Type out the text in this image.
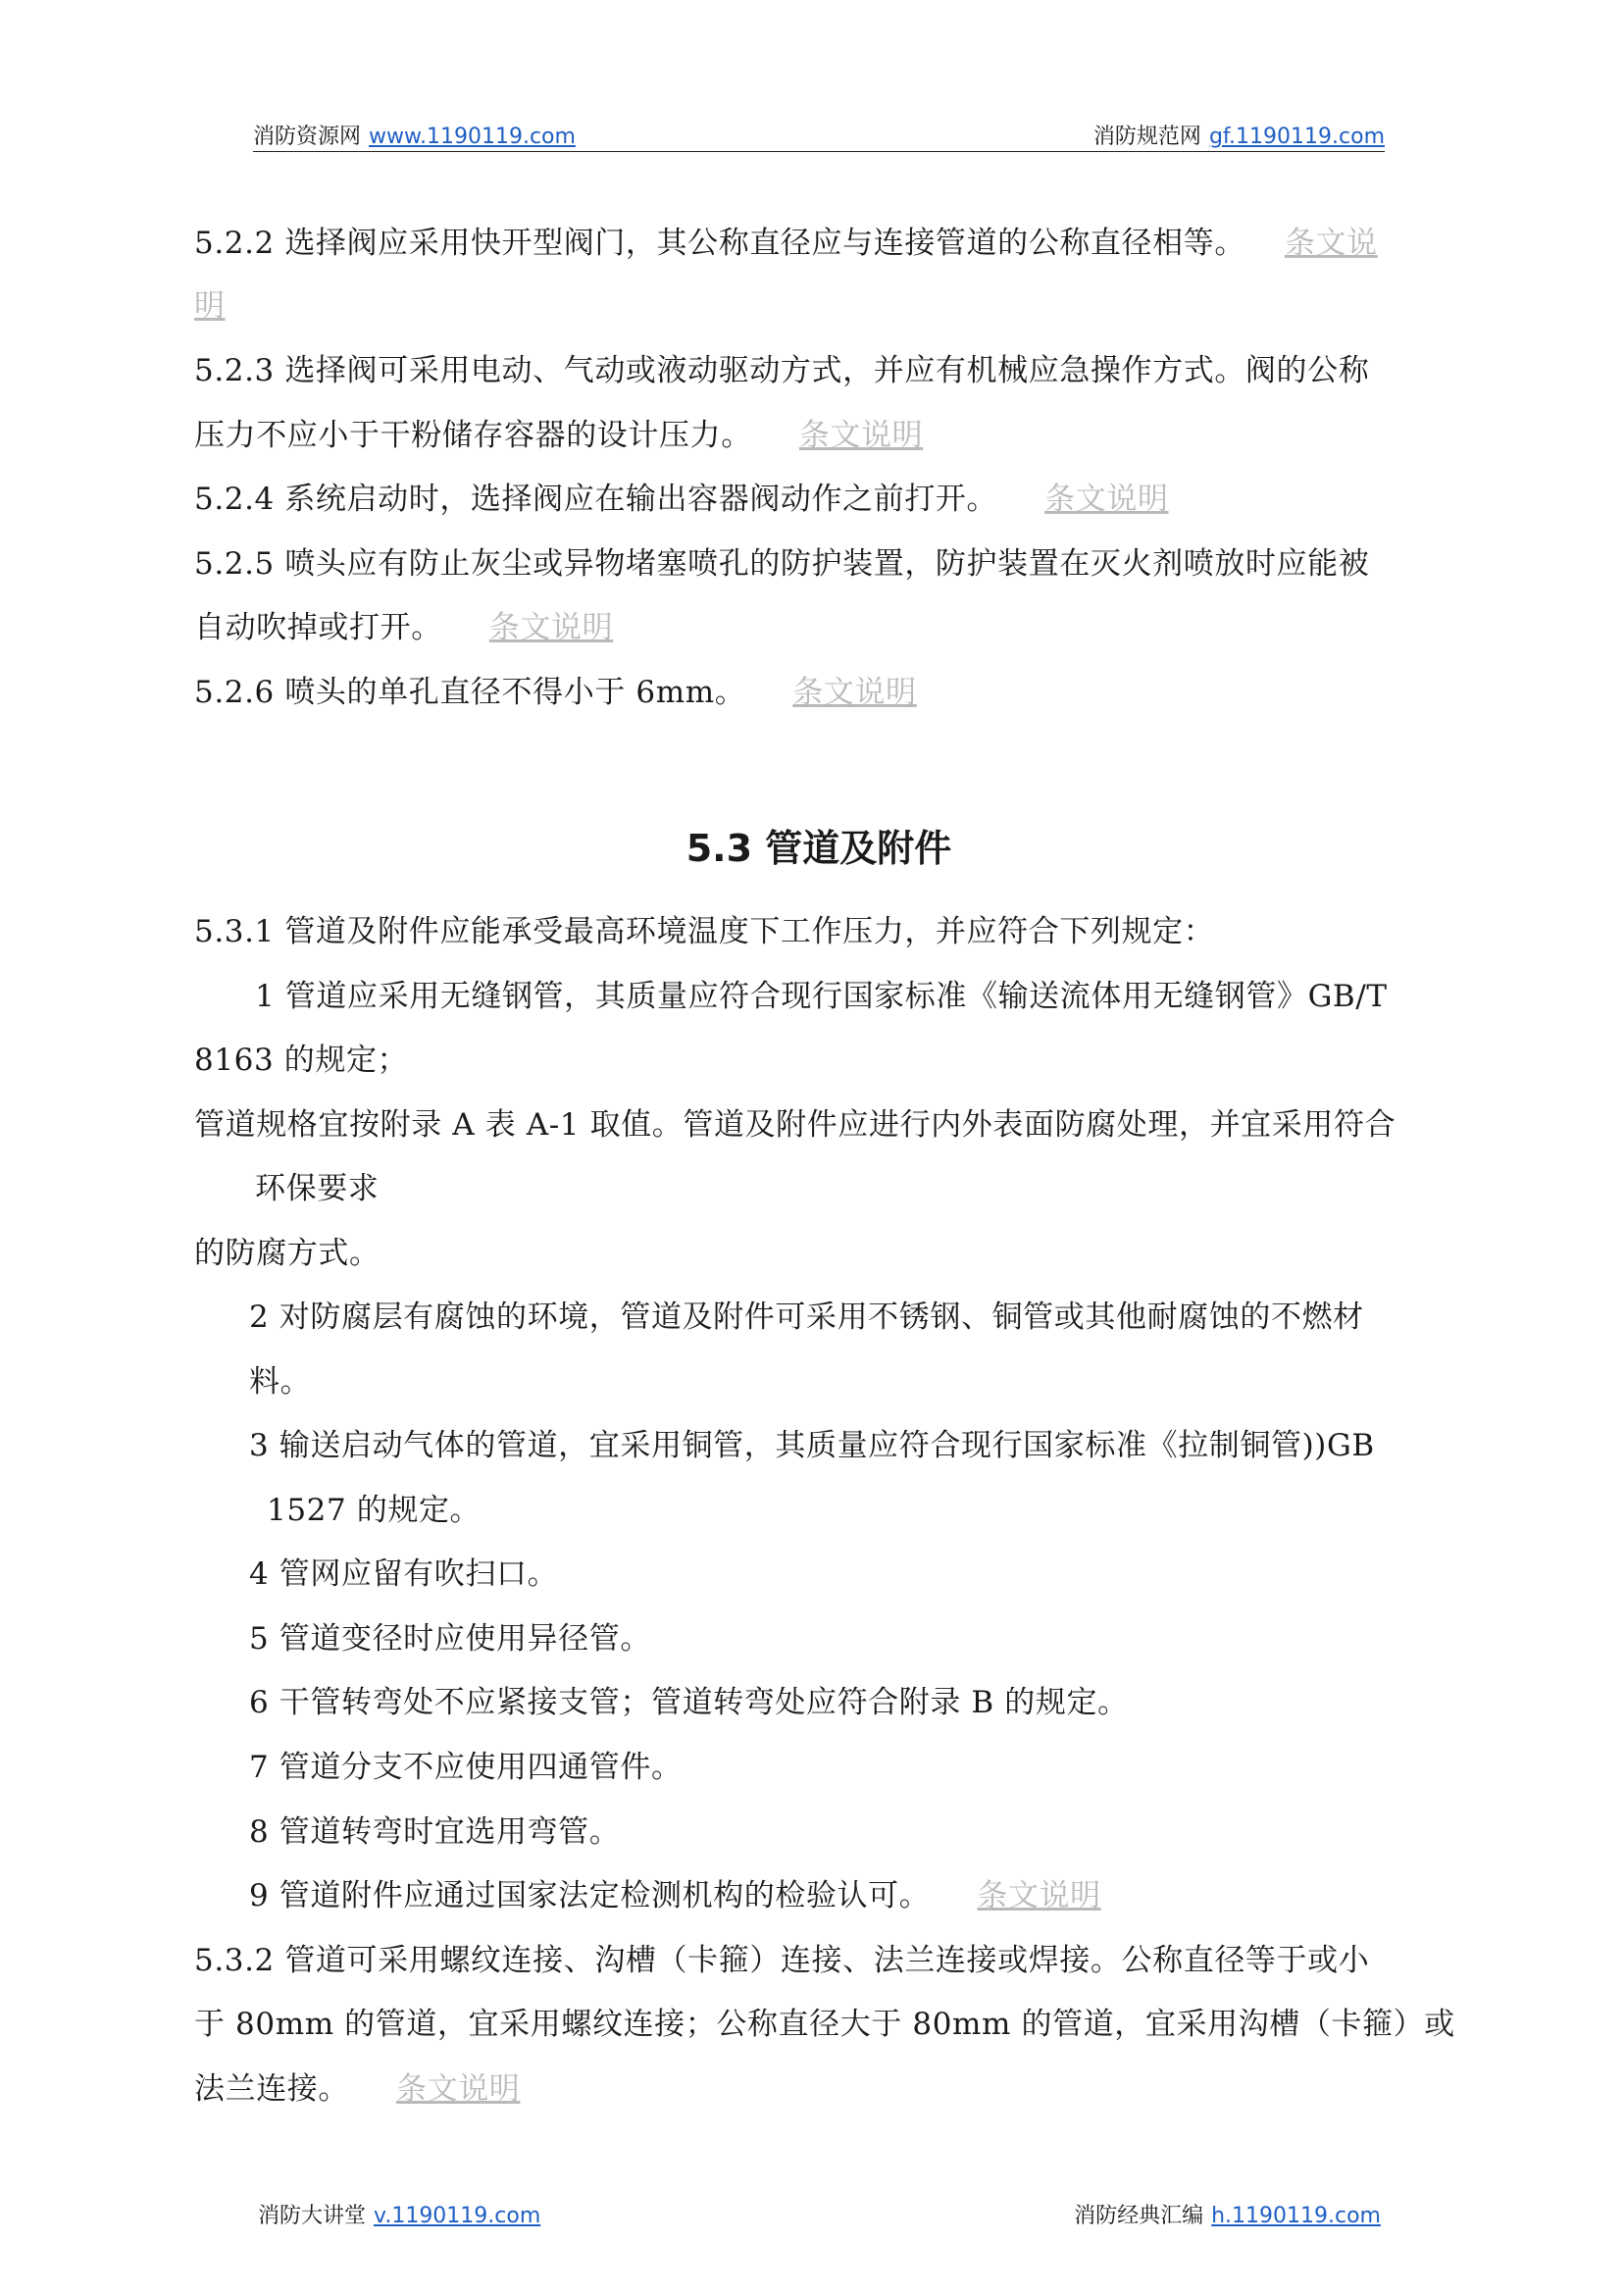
消防资源网 www.1190119.com	消防规范网 gf.1190119.com
5.2.2 选择阀应采用快开型阀门，其公称直径应与连接管道的公称直径相等。 条文说
明
5.2.3 选择阀可采用电动、气动或液动驱动方式，并应有机械应急操作方式。阀的公称
压力不应小于干粉储存容器的设计压力。 条文说明
5.2.4 系统启动时，选择阀应在输出容器阀动作之前打开。 条文说明
5.2.5 喷头应有防止灰尘或异物堵塞喷孔的防护装置，防护装置在灭火剂喷放时应能被
自动吹掉或打开。 条文说明
5.2.6 喷头的单孔直径不得小于 6mm。 条文说明
5.3 管道及附件
5.3.1 管道及附件应能承受最高环境温度下工作压力，并应符合下列规定：
1 管道应采用无缝钢管，其质量应符合现行国家标准《输送流体用无缝钢管》GB/T
8163 的规定；
管道规格宜按附录 A 表 A-1 取值。管道及附件应进行内外表面防腐处理，并宜采用符合
环保要求
的防腐方式。
2 对防腐层有腐蚀的环境，管道及附件可采用不锈钢、铜管或其他耐腐蚀的不燃材
料。
3 输送启动气体的管道，宜采用铜管，其质量应符合现行国家标准《拉制铜管))GB
1527 的规定。
4 管网应留有吹扫口。
5 管道变径时应使用异径管。
6 干管转弯处不应紧接支管；管道转弯处应符合附录 B 的规定。
7 管道分支不应使用四通管件。
8 管道转弯时宜选用弯管。
9 管道附件应通过国家法定检测机构的检验认可。 条文说明
5.3.2 管道可采用螺纹连接、沟槽（卡箍）连接、法兰连接或焊接。公称直径等于或小
于 80mm 的管道，宜采用螺纹连接；公称直径大于 80mm 的管道，宜采用沟槽（卡箍）或
法兰连接。 条文说明
消防大讲堂 v.1190119.com	消防经典汇编 h.1190119.com
